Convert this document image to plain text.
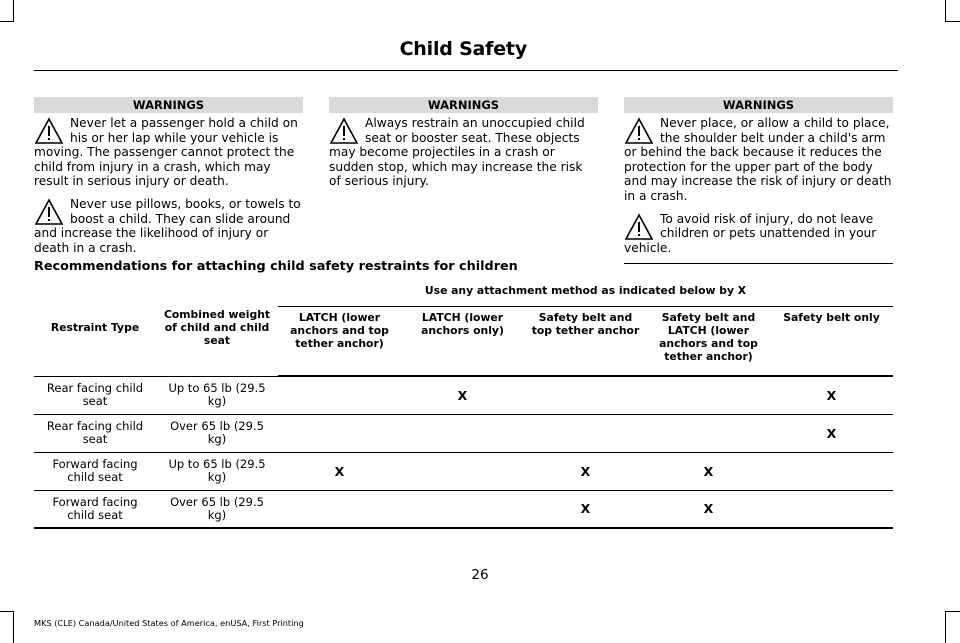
Child Safety
WARNINGS

Never let a passenger hold a child on his or her lap while your vehicle is moving. The passenger cannot protect the child from injury in a crash, which may result in serious injury or death.

Never use pillows, books, or towels to boost a child. They can slide around and increase the likelihood of injury or death in a crash.

WARNINGS

Always restrain an unoccupied child seat or booster seat. These objects may become projectiles in a crash or sudden stop, which may increase the risk of serious injury.

WARNINGS

Never place, or allow a child to place, the shoulder belt under a child's arm or behind the back because it reduces the protection for the upper part of the body and may increase the risk of injury or death in a crash.

To avoid risk of injury, do not leave children or pets unattended in your vehicle.

Recommendations for attaching child safety restraints for children
Restraint Type	Combined weight of child and child seat	Use any attachment method as indicated below by X				
		LATCH (lower anchors and top tether anchor)	LATCH (lower anchors only)	Safety belt and top tether anchor	Safety belt and LATCH (lower anchors and top tether anchor)	Safety belt only
Rear facing child seat	Up to 65 lb (29.5 kg)		X			X
Rear facing child seat	Over 65 lb (29.5 kg)					X
Forward facing child seat	Up to 65 lb (29.5 kg)	X		X	X	
Forward facing child seat	Over 65 lb (29.5 kg)			X	X	
26
MKS (CLE) Canada/United States of America, enUSA, First Printing
